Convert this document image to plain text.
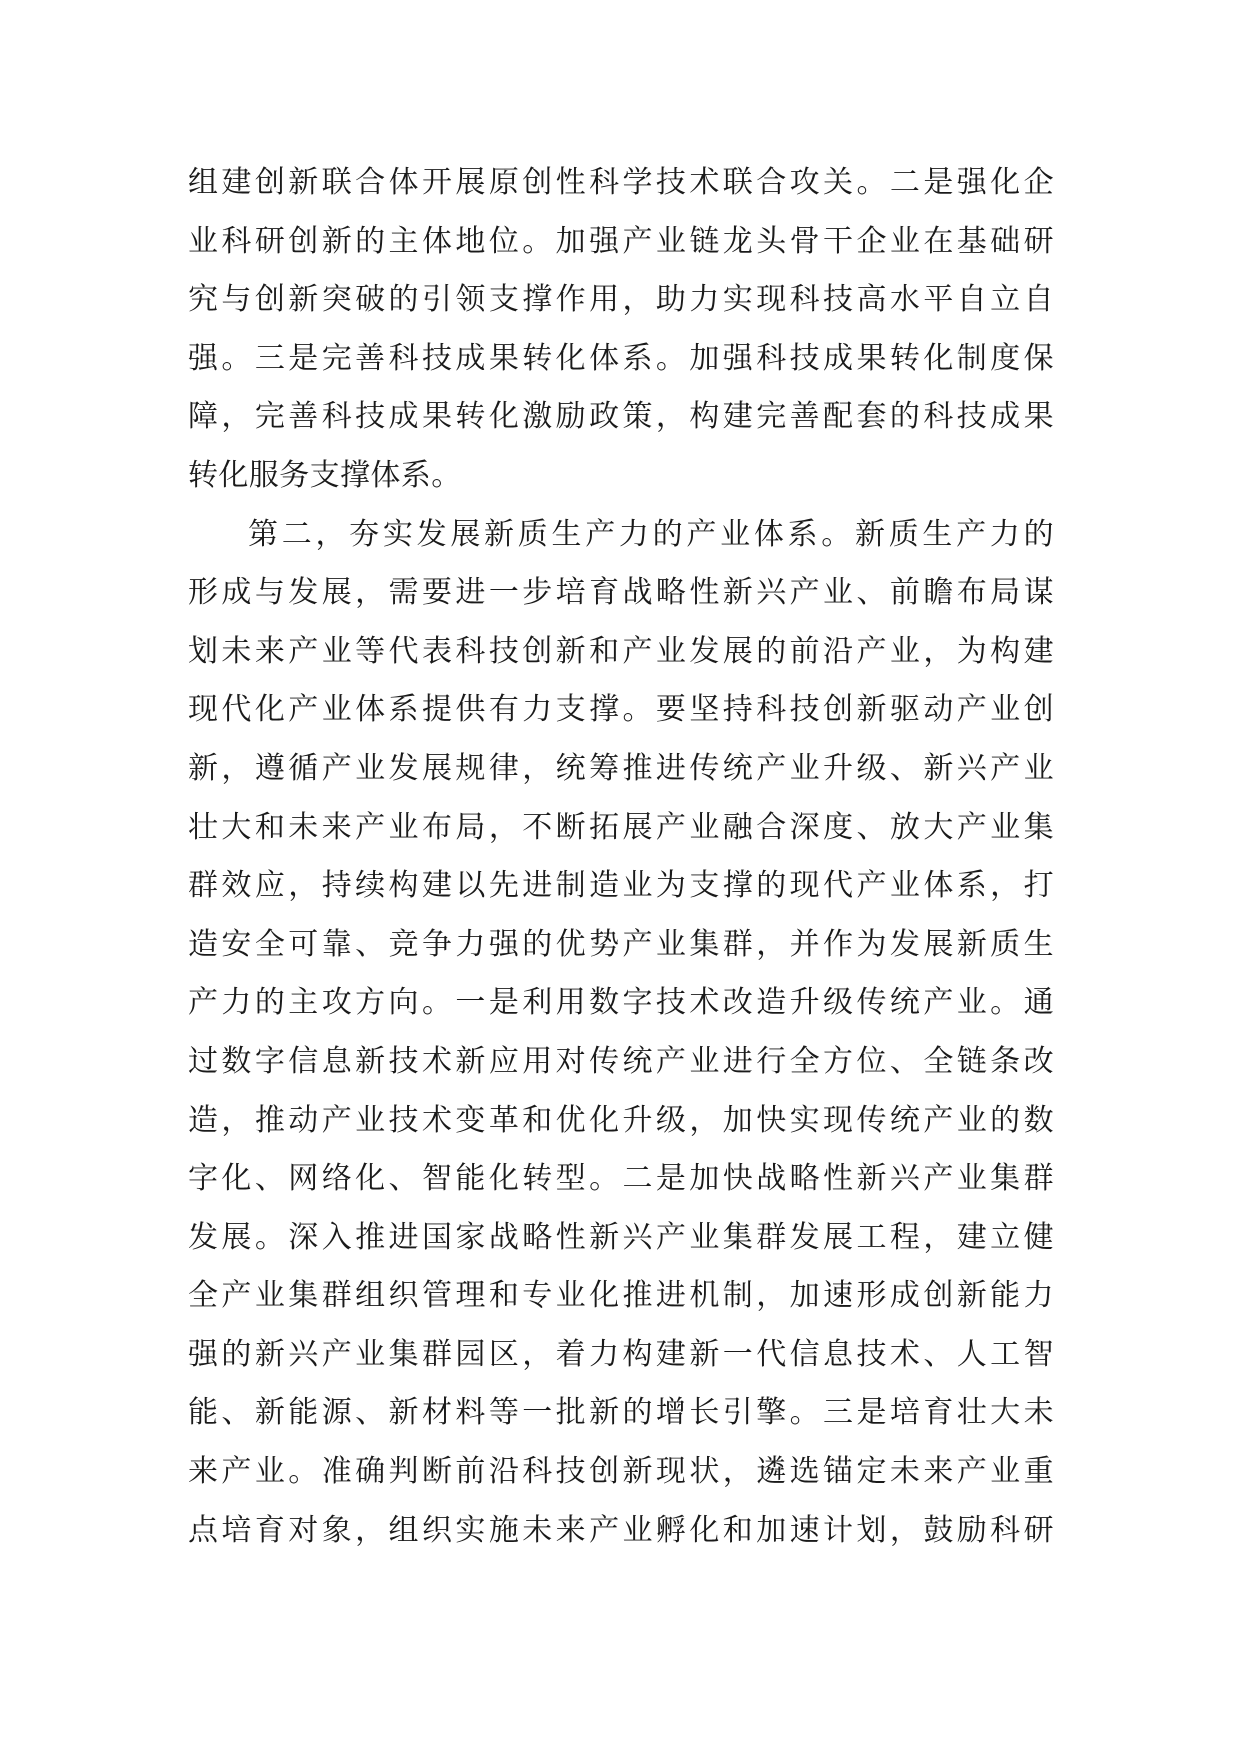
组建创新联合体开展原创性科学技术联合攻关。二是强化企
业科研创新的主体地位。加强产业链龙头骨干企业在基础研
究与创新突破的引领支撑作用，助力实现科技高水平自立自
强。三是完善科技成果转化体系。加强科技成果转化制度保
障，完善科技成果转化激励政策，构建完善配套的科技成果
转化服务支撑体系。
第二，夯实发展新质生产力的产业体系。新质生产力的
形成与发展，需要进一步培育战略性新兴产业、前瞻布局谋
划未来产业等代表科技创新和产业发展的前沿产业，为构建
现代化产业体系提供有力支撑。要坚持科技创新驱动产业创
新，遵循产业发展规律，统筹推进传统产业升级、新兴产业
壮大和未来产业布局，不断拓展产业融合深度、放大产业集
群效应，持续构建以先进制造业为支撑的现代产业体系，打
造安全可靠、竞争力强的优势产业集群，并作为发展新质生
产力的主攻方向。一是利用数字技术改造升级传统产业。通
过数字信息新技术新应用对传统产业进行全方位、全链条改
造，推动产业技术变革和优化升级，加快实现传统产业的数
字化、网络化、智能化转型。二是加快战略性新兴产业集群
发展。深入推进国家战略性新兴产业集群发展工程，建立健
全产业集群组织管理和专业化推进机制，加速形成创新能力
强的新兴产业集群园区，着力构建新一代信息技术、人工智
能、新能源、新材料等一批新的增长引擎。三是培育壮大未
来产业。准确判断前沿科技创新现状，遴选锚定未来产业重
点培育对象，组织实施未来产业孵化和加速计划，鼓励科研
